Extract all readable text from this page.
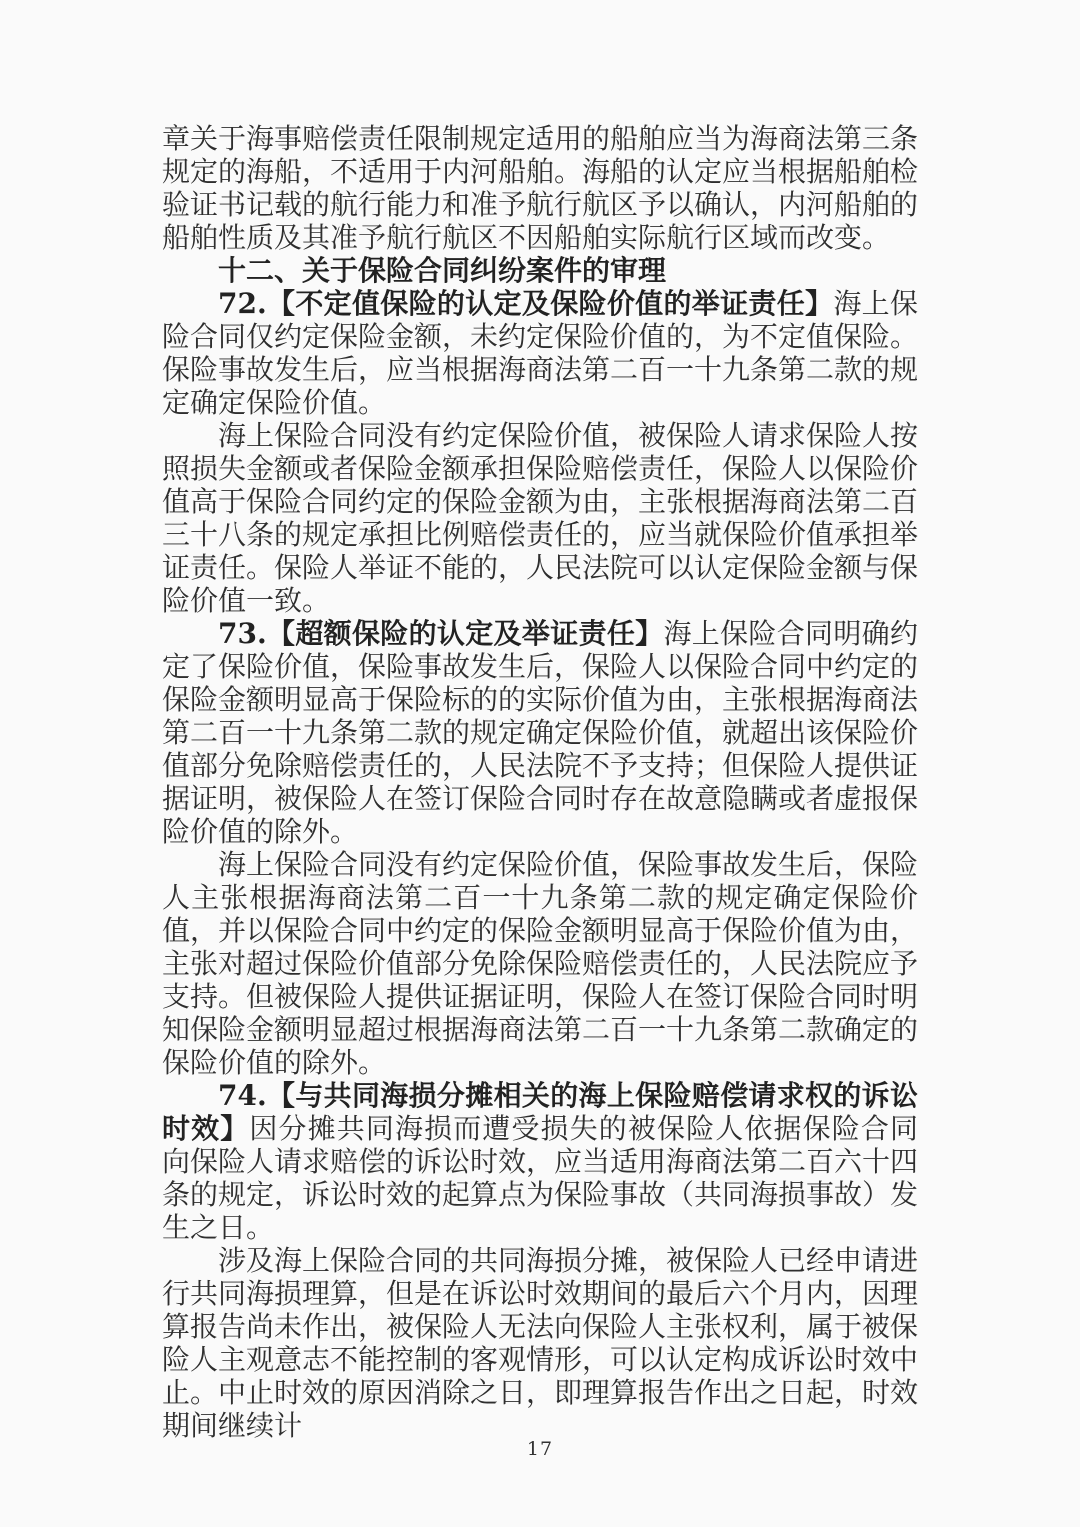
章关于海事赔偿责任限制规定适用的船舶应当为海商法第三条规定的海船，不适用于内河船舶。海船的认定应当根据船舶检验证书记载的航行能力和准予航行航区予以确认，内河船舶的船舶性质及其准予航行航区不因船舶实际航行区域而改变。

十二、关于保险合同纠纷案件的审理

72.【不定值保险的认定及保险价值的举证责任】海上保险合同仅约定保险金额，未约定保险价值的，为不定值保险。保险事故发生后，应当根据海商法第二百一十九条第二款的规定确定保险价值。

海上保险合同没有约定保险价值，被保险人请求保险人按照损失金额或者保险金额承担保险赔偿责任，保险人以保险价值高于保险合同约定的保险金额为由，主张根据海商法第二百三十八条的规定承担比例赔偿责任的，应当就保险价值承担举证责任。保险人举证不能的，人民法院可以认定保险金额与保险价值一致。

73.【超额保险的认定及举证责任】海上保险合同明确约定了保险价值，保险事故发生后，保险人以保险合同中约定的保险金额明显高于保险标的的实际价值为由，主张根据海商法第二百一十九条第二款的规定确定保险价值，就超出该保险价值部分免除赔偿责任的，人民法院不予支持；但保险人提供证据证明，被保险人在签订保险合同时存在故意隐瞒或者虚报保险价值的除外。

海上保险合同没有约定保险价值，保险事故发生后，保险人主张根据海商法第二百一十九条第二款的规定确定保险价值，并以保险合同中约定的保险金额明显高于保险价值为由，主张对超过保险价值部分免除保险赔偿责任的，人民法院应予支持。但被保险人提供证据证明，保险人在签订保险合同时明知保险金额明显超过根据海商法第二百一十九条第二款确定的保险价值的除外。

74.【与共同海损分摊相关的海上保险赔偿请求权的诉讼时效】因分摊共同海损而遭受损失的被保险人依据保险合同向保险人请求赔偿的诉讼时效，应当适用海商法第二百六十四条的规定，诉讼时效的起算点为保险事故（共同海损事故）发生之日。

涉及海上保险合同的共同海损分摊，被保险人已经申请进行共同海损理算，但是在诉讼时效期间的最后六个月内，因理算报告尚未作出，被保险人无法向保险人主张权利，属于被保险人主观意志不能控制的客观情形，可以认定构成诉讼时效中止。中止时效的原因消除之日，即理算报告作出之日起，时效期间继续计

17
